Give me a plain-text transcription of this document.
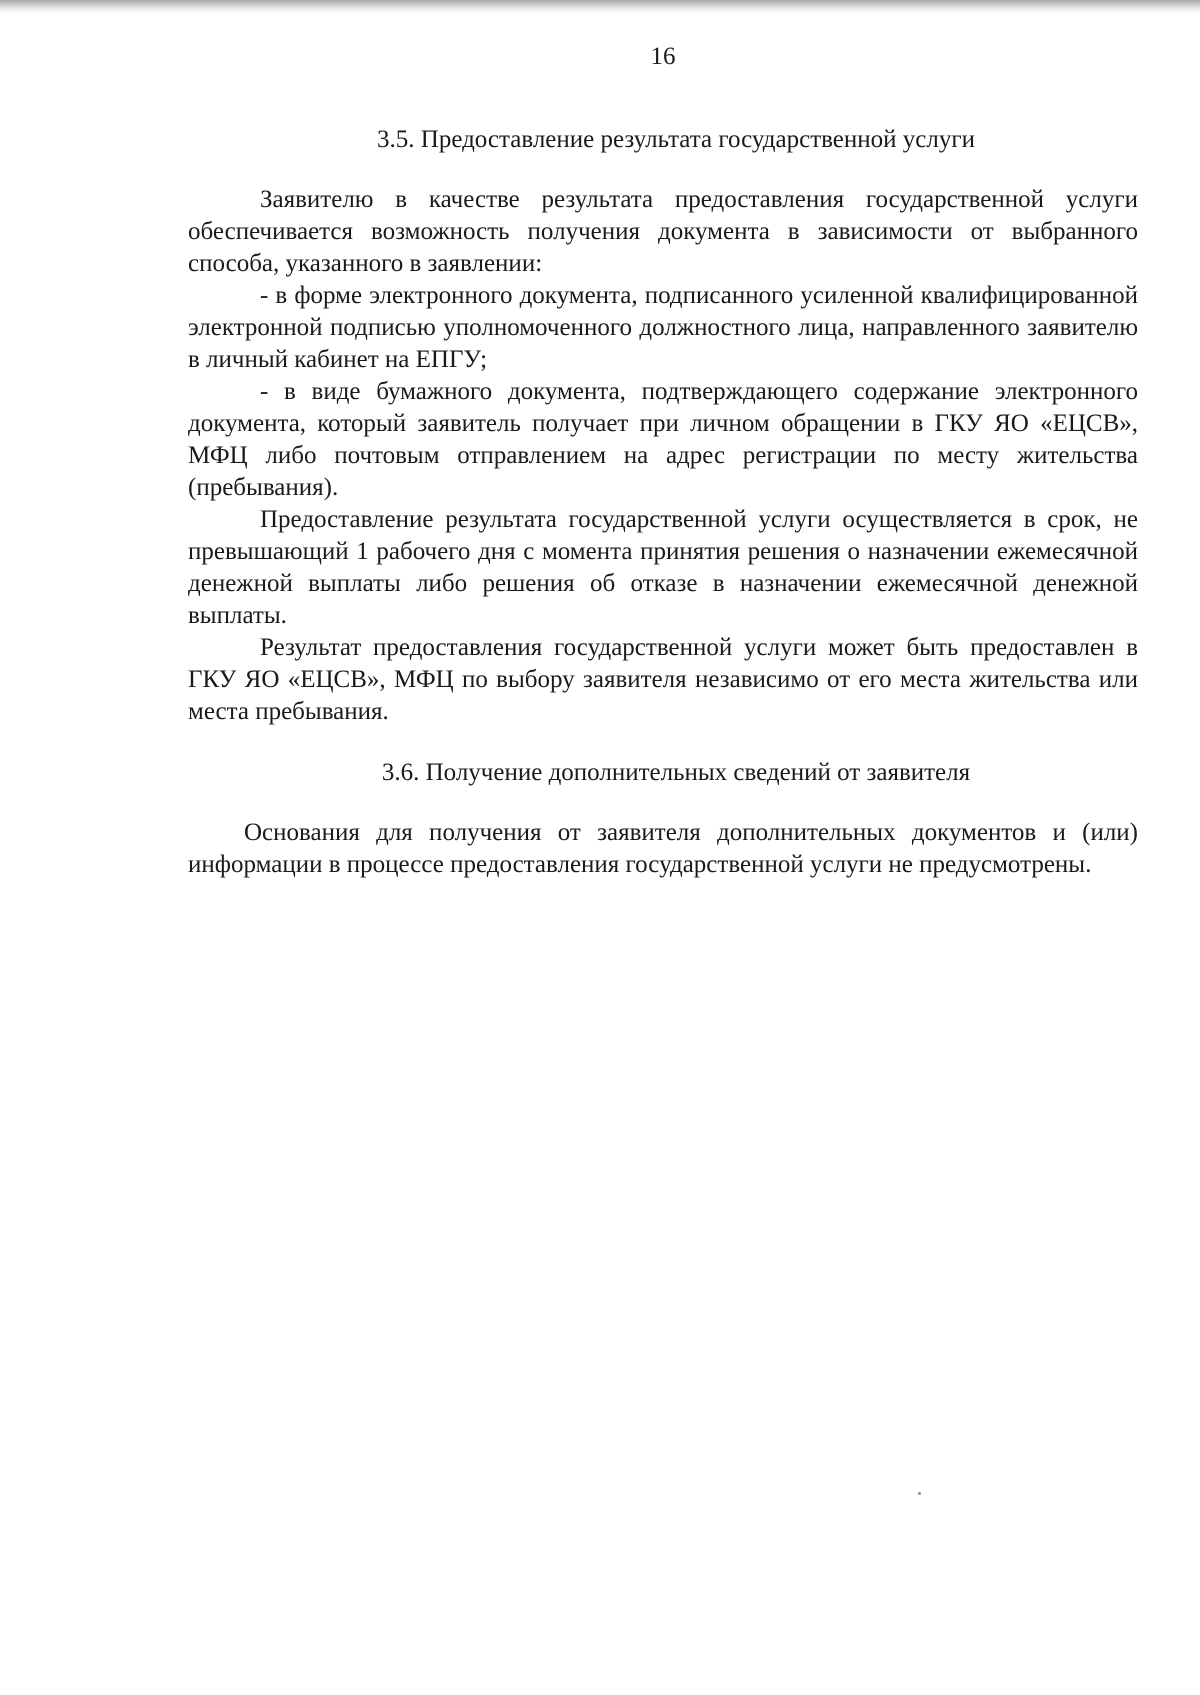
16
3.5. Предоставление результата государственной услуги

Заявителю в качестве результата предоставления государственной услуги обеспечивается возможность получения документа в зависимости от выбранного способа, указанного в заявлении:

- в форме электронного документа, подписанного усиленной квалифицированной электронной подписью уполномоченного должностного лица, направленного заявителю в личный кабинет на ЕПГУ;

- в виде бумажного документа, подтверждающего содержание электронного документа, который заявитель получает при личном обращении в ГКУ ЯО «ЕЦСВ», МФЦ либо почтовым отправлением на адрес регистрации по месту жительства (пребывания).

Предоставление результата государственной услуги осуществляется в срок, не превышающий 1 рабочего дня с момента принятия решения о назначении ежемесячной денежной выплаты либо решения об отказе в назначении ежемесячной денежной выплаты.

Результат предоставления государственной услуги может быть предоставлен в ГКУ ЯО «ЕЦСВ», МФЦ по выбору заявителя независимо от его места жительства или места пребывания.

3.6. Получение дополнительных сведений от заявителя

Основания для получения от заявителя дополнительных документов и (или) информации в процессе предоставления государственной услуги не предусмотрены.
